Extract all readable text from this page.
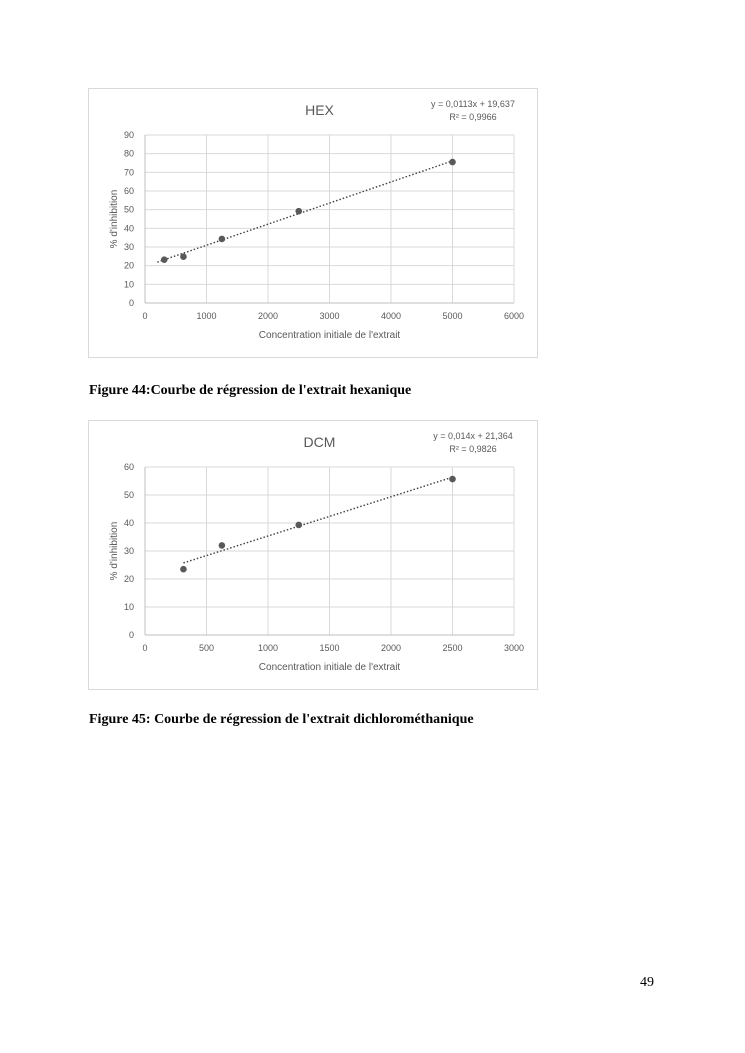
HEX	y = 0,0113x + 19,637
R² = 0,9966
0
10
20
30
40
50
60
70
80
90
0	1000	2000	3000	4000	5000	6000
Concentration initiale de l'extrait
% d'inhibition
Figure 44:Courbe de régression de l'extrait hexanique
DCM	y = 0,014x + 21,364
R² = 0,9826
0
10
20
30
40
50
60
0	500	1000	1500	2000	2500	3000
Concentration initiale de l'extrait
% d'inhibition
Figure 45: Courbe de régression de l'extrait dichlorométhanique
49
